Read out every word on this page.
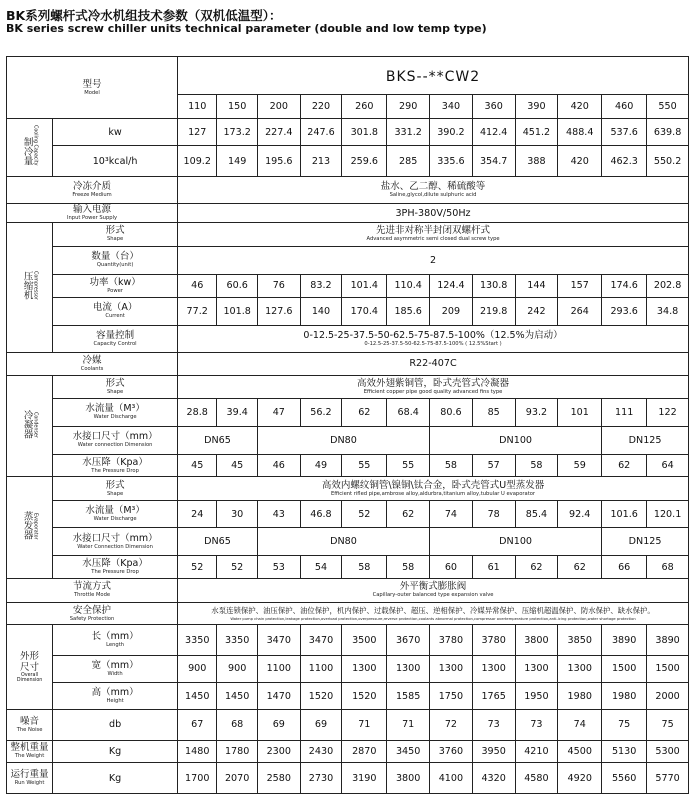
BK系列螺杆式冷水机组技术参数（双机低温型）：
BK series screw chiller units technical parameter (double and low temp type)
型号
Model		BKS--**CW2											
		110	150	200	220	260	290	340	360	390	420	460	550
制冷量Cooling Capacity	kw	127	173.2	227.4	247.6	301.8	331.2	390.2	412.4	451.2	488.4	537.6	639.8
	10³kcal/h	109.2	149	195.6	213	259.6	285	335.6	354.7	388	420	462.3	550.2

冷冻介质
Freeze Medium		盐水、乙二醇、稀硫酸等
Saline,glycol,dilute sulphuric acid											

输入电源
Input Power Supply		3PH-380V/50Hz											
压缩机Compressor	形式
Shape	先进非对称半封闭双螺杆式
Advanced asymmetric semi closed dual screw type											

	数量（台）
Quantity(unit)	2											

	功率（kw）
Power	46	60.6	76	83.2	101.4	110.4	124.4	130.8	144	157	174.6	202.8

	电流（A）
Current	77.2	101.8	127.6	140	170.4	185.6	209	219.8	242	264	293.6	34.8

	容量控制
Capacity Control	0-12.5-25-37.5-50-62.5-75-87.5-100%（12.5%为启动）
0-12.5-25-37.5-50-62.5-75-87.5-100% ( 12.5%Start )											

冷媒
Coolants		R22-407C											
冷凝器Condenser	形式
Shape	高效外翅紫铜管，卧式壳管式冷凝器
Efficient copper pipe good quality advanced fins type											

	水流量（M³）
Water Discharge	28.8	39.4	47	56.2	62	68.4	80.6	85	93.2	101	111	122

	水接口尺寸（mm）
Water connection Dimension	DN65		DN80				DN100				DN125	

	水压降（Kpa）
The Pressure Drop	45	45	46	49	55	55	58	57	58	59	62	64
蒸发器Evaporator	形式
Shape	高效内螺纹铜管\镍铜\钛合金，卧式壳管式U型蒸发器
Efficient rifled pipe,ambrose alloy,aldurbra,titanium alloy,tubular U evaporator											

	水流量（M³）
Water Discharge	24	30	43	46.8	52	62	74	78	85.4	92.4	101.6	120.1

	水接口尺寸（mm）
Water Connection Dimension	DN65		DN80				DN100				DN125	

	水压降（Kpa）
The Pressure Drop	52	52	53	54	58	58	60	61	62	62	66	68

节流方式
Throttle Mode		外平衡式膨胀阀
Capillary-outer balanced type expansion valve											

安全保护
Safety Protection		水泵连锁保护、油压保护、油位保护，机内保护、过载保护、超压、逆相保护、冷媒异常保护、压缩机超温保护、防水保护、缺水保护。
Water pump chain protection,leakage protection,overload protection,overpressure,reverse protection,coolants abnormal protection,compressor overtemperature protection,anti-icing protection,water shortage protection											

外形
尺寸
Overall
Dimension	长（mm）
Length	3350	3350	3470	3470	3500	3670	3780	3780	3800	3850	3890	3890

	宽（mm）
Width	900	900	1100	1100	1300	1300	1300	1300	1300	1300	1500	1500

	高（mm）
Height	1450	1450	1470	1520	1520	1585	1750	1765	1950	1980	1980	2000

噪音
The Noise	db	67	68	69	69	71	71	72	73	73	74	75	75

整机重量
The Weight	Kg	1480	1780	2300	2430	2870	3450	3760	3950	4210	4500	5130	5300

运行重量
Run Weight	Kg	1700	2070	2580	2730	3190	3800	4100	4320	4580	4920	5560	5770
